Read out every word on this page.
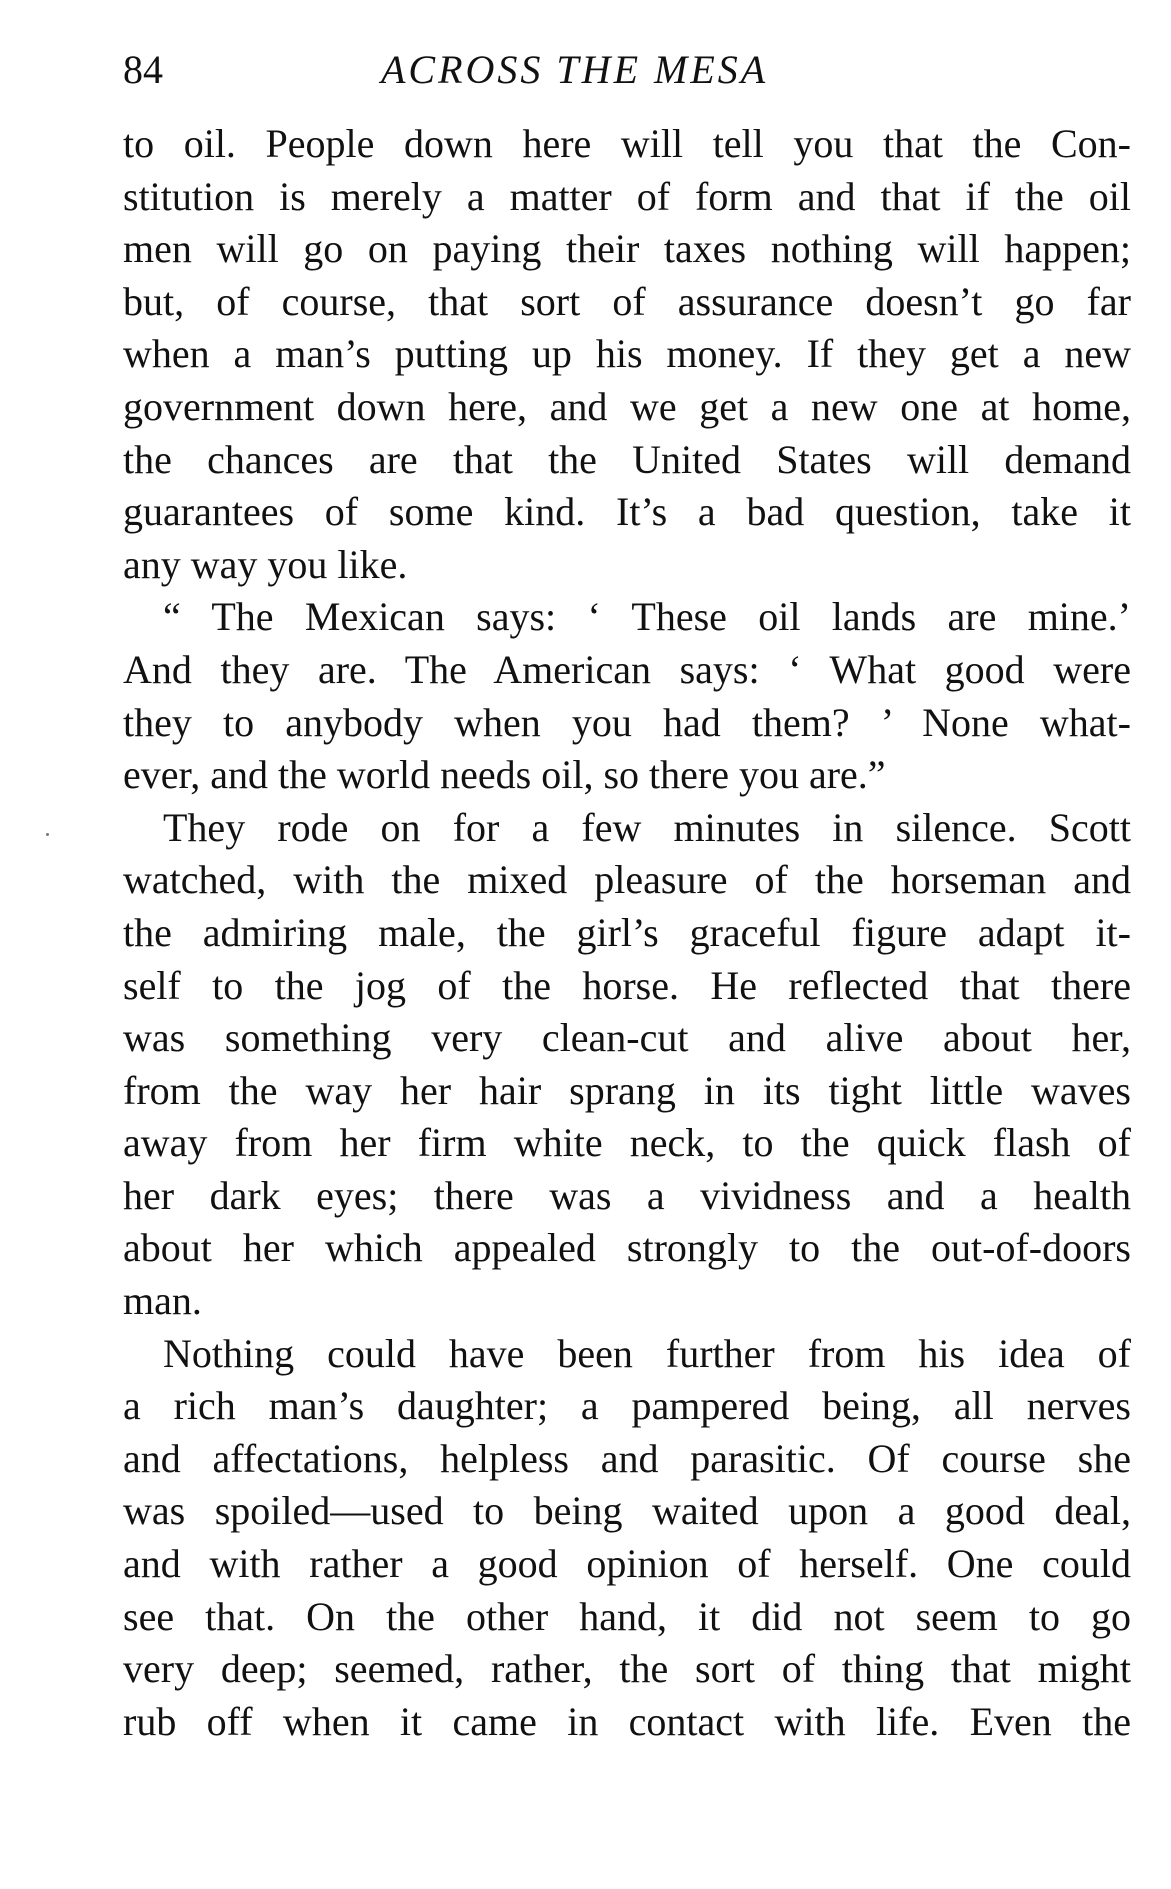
84	ACROSS THE MESA
to oil. People down here will tell you that the Con-
stitution is merely a matter of form and that if the oil
men will go on paying their taxes nothing will happen;
but, of course, that sort of assurance doesn’t go far
when a man’s putting up his money. If they get a new
government down here, and we get a new one at home,
the chances are that the United States will demand
guarantees of some kind. It’s a bad question, take it
any way you like.
“ The Mexican says: ‘ These oil lands are mine.’
And they are. The American says: ‘ What good were
they to anybody when you had them? ’ None what-
ever, and the world needs oil, so there you are.”
They rode on for a few minutes in silence. Scott
watched, with the mixed pleasure of the horseman and
the admiring male, the girl’s graceful figure adapt it-
self to the jog of the horse. He reflected that there
was something very clean-cut and alive about her,
from the way her hair sprang in its tight little waves
away from her firm white neck, to the quick flash of
her dark eyes; there was a vividness and a health
about her which appealed strongly to the out-of-doors
man.
Nothing could have been further from his idea of
a rich man’s daughter; a pampered being, all nerves
and affectations, helpless and parasitic. Of course she
was spoiled—used to being waited upon a good deal,
and with rather a good opinion of herself. One could
see that. On the other hand, it did not seem to go
very deep; seemed, rather, the sort of thing that might
rub off when it came in contact with life. Even the
